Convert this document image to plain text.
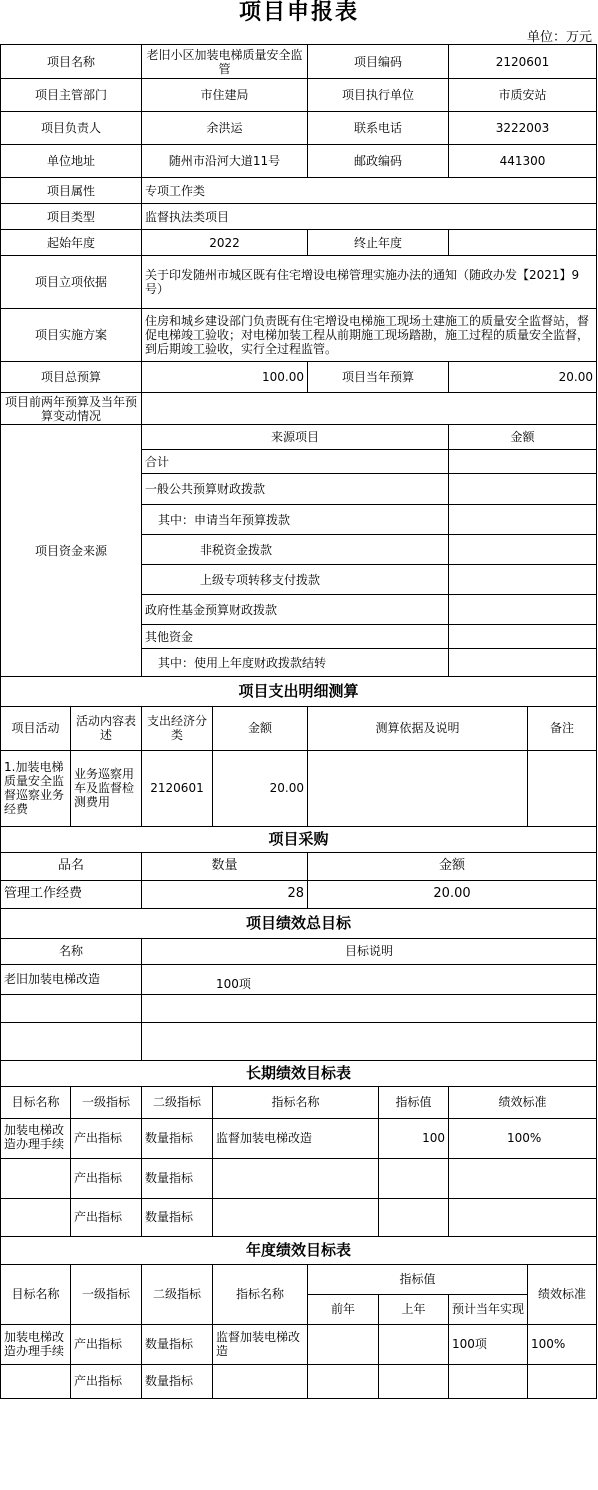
项目申报表
单位：万元
项目名称	老旧小区加装电梯质量安全监管	项目编码	2120601
项目主管部门	市住建局	项目执行单位	市质安站
项目负责人	余洪运	联系电话	3222003
单位地址	随州市沿河大道11号	邮政编码	441300
项目属性	专项工作类		
项目类型	监督执法类项目		
起始年度	2022	终止年度	
项目立项依据	关于印发随州市城区既有住宅增设电梯管理实施办法的通知（随政办发【2021】9号）		
项目实施方案	住房和城乡建设部门负责既有住宅增设电梯施工现场土建施工的质量安全监督站，督促电梯竣工验收；对电梯加装工程从前期施工现场踏勘，施工过程的质量安全监督，到后期竣工验收，实行全过程监管。		
项目总预算	100.00	项目当年预算	20.00
项目前两年预算及当年预算变动情况			
项目资金来源	来源项目	金额
	合计	
	一般公共预算财政拨款	
	其中：申请当年预算拨款	
	非税资金拨款	
	上级专项转移支付拨款	
	政府性基金预算财政拨款	
	其他资金	
	其中：使用上年度财政拨款结转	
项目支出明细测算					
项目活动	活动内容表述	支出经济分类	金额	测算依据及说明	备注
1.加装电梯质量安全监督巡察业务经费	业务巡察用车及监督检测费用	2120601	20.00		
项目采购		
品名	数量	金额
管理工作经费	28	20.00
项目绩效总目标	
名称	目标说明
老旧加装电梯改造	100项

长期绩效目标表					
目标名称	一级指标	二级指标	指标名称	指标值	绩效标准
加装电梯改造办理手续	产出指标	数量指标	监督加装电梯改造	100	100%
	产出指标	数量指标			
	产出指标	数量指标			
年度绩效目标表							
目标名称	一级指标	二级指标	指标名称	指标值			绩效标准
				前年	上年	预计当年实现	
加装电梯改造办理手续	产出指标	数量指标	监督加装电梯改造			100项	100%
	产出指标	数量指标					
